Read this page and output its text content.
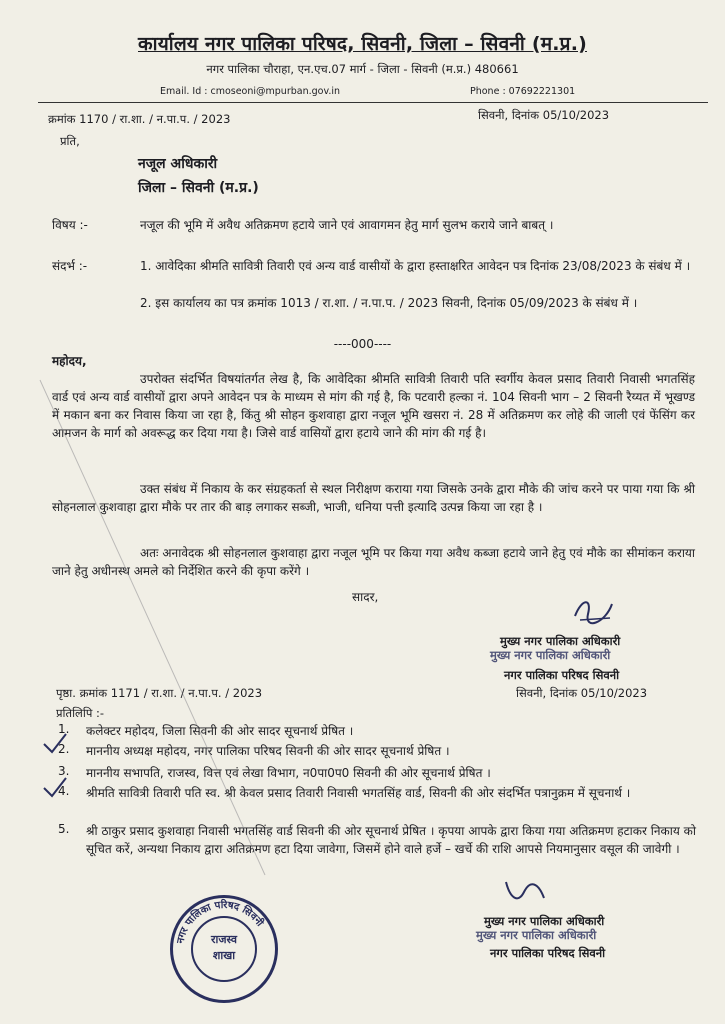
कार्यालय नगर पालिका परिषद, सिवनी, जिला – सिवनी (म.प्र.)
नगर पालिका चौराहा, एन.एच.07 मार्ग - जिला - सिवनी (म.प्र.) 480661
Email. Id : cmoseoni@mpurban.gov.in	Phone : 07692221301
क्रमांक 1170 / रा.शा. / न.पा.प. / 2023	सिवनी, दिनांक 05/10/2023
प्रति,
नजूल अधिकारी
जिला – सिवनी (म.प्र.)
विषय :-	नजूल की भूमि में अवैध अतिक्रमण हटाये जाने एवं आवागमन हेतु मार्ग सुलभ कराये जाने बाबत् ।
संदर्भ :-	1. आवेदिका श्रीमति सावित्री तिवारी एवं अन्य वार्ड वासीयों के द्वारा हस्ताक्षरित आवेदन पत्र दिनांक 23/08/2023 के संबंध में ।
2. इस कार्यालय का पत्र क्रमांक 1013 / रा.शा. / न.पा.प. / 2023 सिवनी, दिनांक 05/09/2023 के संबंध में ।
----000----
महोदय,
उपरोक्त संदर्भित विषयांतर्गत लेख है, कि आवेदिका श्रीमति सावित्री तिवारी पति स्वर्गीय केवल प्रसाद तिवारी निवासी भगतसिंह वार्ड एवं अन्य वार्ड वासीयों द्वारा अपने आवेदन पत्र के माध्यम से मांग की गई है, कि पटवारी हल्का नं. 104 सिवनी भाग – 2 सिवनी रैय्यत में भूखण्ड में मकान बना कर निवास किया जा रहा है, किंतु श्री सोहन कुशवाहा द्वारा नजूल भूमि खसरा नं. 28 में अतिक्रमण कर लोहे की जाली एवं फेंसिंग कर आमजन के मार्ग को अवरूद्ध कर दिया गया है। जिसे वार्ड वासियों द्वारा हटाये जाने की मांग की गई है।
उक्त संबंध में निकाय के कर संग्रहकर्ता से स्थल निरीक्षण कराया गया जिसके उनके द्वारा मौके की जांच करने पर पाया गया कि श्री सोहनलाल कुशवाहा द्वारा मौके पर तार की बाड़ लगाकर सब्जी, भाजी, धनिया पत्ती इत्यादि उत्पन्न किया जा रहा है ।
अतः अनावेदक श्री सोहनलाल कुशवाहा द्वारा नजूल भूमि पर किया गया अवैध कब्जा हटाये जाने हेतु एवं मौके का सीमांकन कराया जाने हेतु अधीनस्थ अमले को निर्देशित करने की कृपा करेंगे ।
सादर,
मुख्य नगर पालिका अधिकारी
मुख्य नगर पालिका अधिकारी
नगर पालिका परिषद सिवनी
पृष्ठा. क्रमांक 1171 / रा.शा. / न.पा.प. / 2023	सिवनी, दिनांक 05/10/2023
प्रतिलिपि :-
1. कलेक्टर महोदय, जिला सिवनी की ओर सादर सूचनार्थ प्रेषित ।
2. माननीय अध्यक्ष महोदय, नगर पालिका परिषद सिवनी की ओर सादर सूचनार्थ प्रेषित ।
3. माननीय सभापति, राजस्व, वित्त एवं लेखा विभाग, न0पा0प0 सिवनी की ओर सूचनार्थ प्रेषित ।
4. श्रीमति सावित्री तिवारी पति स्व. श्री केवल प्रसाद तिवारी निवासी भगतसिंह वार्ड, सिवनी की ओर संदर्भित पत्रानुक्रम में सूचनार्थ ।
5. श्री ठाकुर प्रसाद कुशवाहा निवासी भगतसिंह वार्ड सिवनी की ओर सूचनार्थ प्रेषित । कृपया आपके द्वारा किया गया अतिक्रमण हटाकर निकाय को सूचित करें, अन्यथा निकाय द्वारा अतिक्रमण हटा दिया जावेगा, जिसमें होने वाले हर्जे – खर्चे की राशि आपसे नियमानुसार वसूल की जावेगी ।
मुख्य नगर पालिका अधिकारी
मुख्य नगर पालिका अधिकारी
नगर पालिका परिषद सिवनी
नगर पालिका परिषद सिवनी
राजस्व
शाखा
